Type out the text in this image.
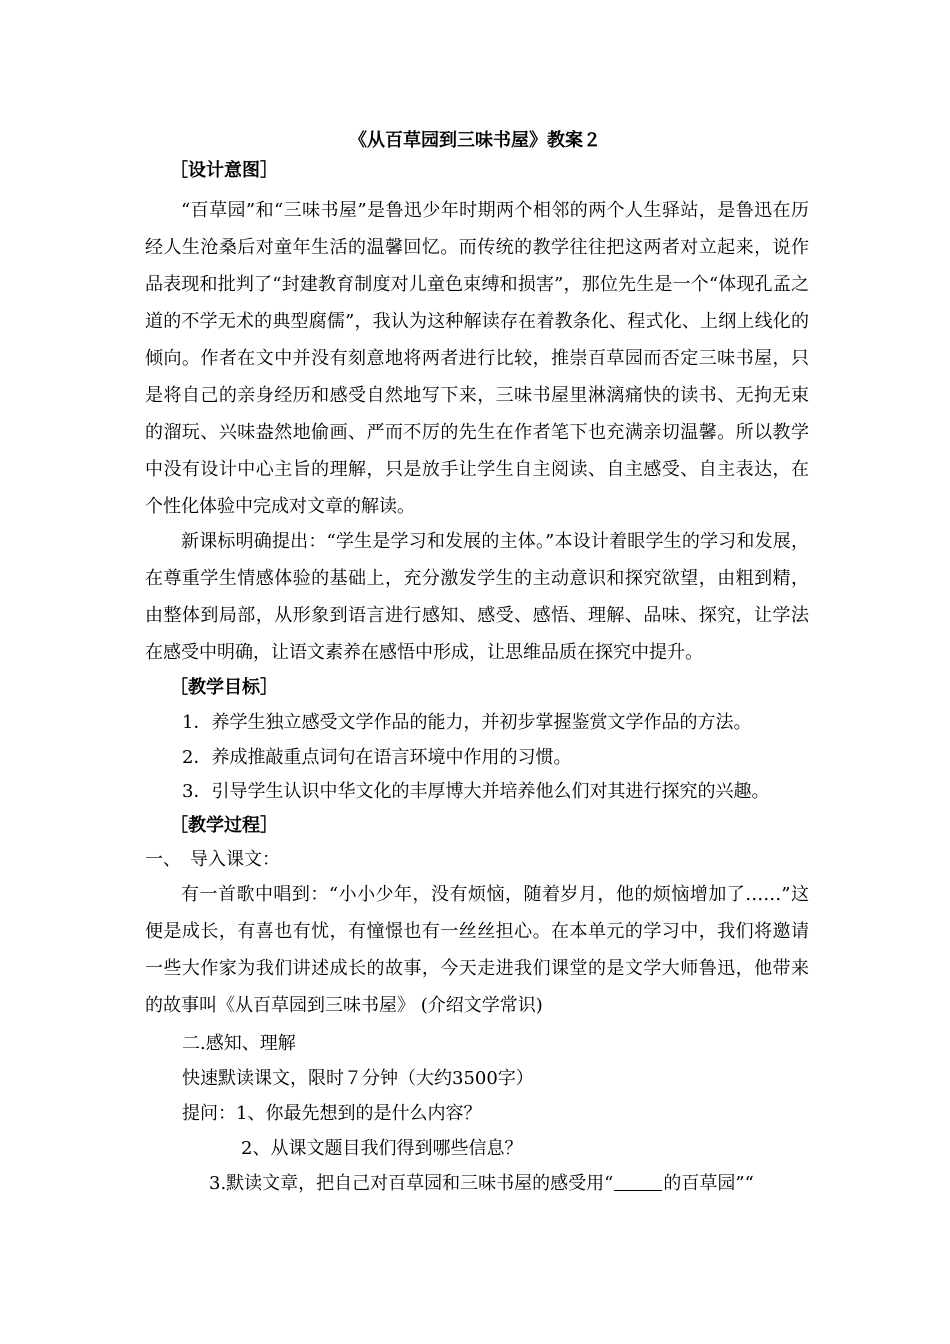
《从百草园到三味书屋》教案２
［设计意图］

“百草园”和“三味书屋”是鲁迅少年时期两个相邻的两个人生驿站，是鲁迅在历经人生沧桑后对童年生活的温馨回忆。而传统的教学往往把这两者对立起来，说作品表现和批判了“封建教育制度对儿童色束缚和损害”，那位先生是一个“体现孔孟之道的不学无术的典型腐儒”，我认为这种解读存在着教条化、程式化、上纲上线化的倾向。作者在文中并没有刻意地将两者进行比较，推崇百草园而否定三味书屋，只是将自己的亲身经历和感受自然地写下来，三味书屋里淋漓痛快的读书、无拘无束的溜玩、兴味盎然地偷画、严而不厉的先生在作者笔下也充满亲切温馨。所以教学中没有设计中心主旨的理解，只是放手让学生自主阅读、自主感受、自主表达，在个性化体验中完成对文章的解读。

新课标明确提出：“学生是学习和发展的主体。”本设计着眼学生的学习和发展，在尊重学生情感体验的基础上，充分激发学生的主动意识和探究欲望，由粗到精，由整体到局部，从形象到语言进行感知、感受、感悟、理解、品味、探究，让学法在感受中明确，让语文素养在感悟中形成，让思维品质在探究中提升。

［教学目标］

1．养学生独立感受文学作品的能力，并初步掌握鉴赏文学作品的方法。

2．养成推敲重点词句在语言环境中作用的习惯。

3．引导学生认识中华文化的丰厚博大并培养他么们对其进行探究的兴趣。

［教学过程］

一、　导入课文：

有一首歌中唱到：“小小少年，没有烦恼，随着岁月，他的烦恼增加了……”这便是成长，有喜也有忧，有憧憬也有一丝丝担心。在本单元的学习中，我们将邀请一些大作家为我们讲述成长的故事，今天走进我们课堂的是文学大师鲁迅，他带来的故事叫《从百草园到三味书屋》 (介绍文学常识)

二.感知、理解

快速默读课文，限时７分钟（大约3500字）

提问：1、你最先想到的是什么内容？

2、从课文题目我们得到哪些信息？

3.默读文章，把自己对百草园和三味书屋的感受用“	的百草园”“
